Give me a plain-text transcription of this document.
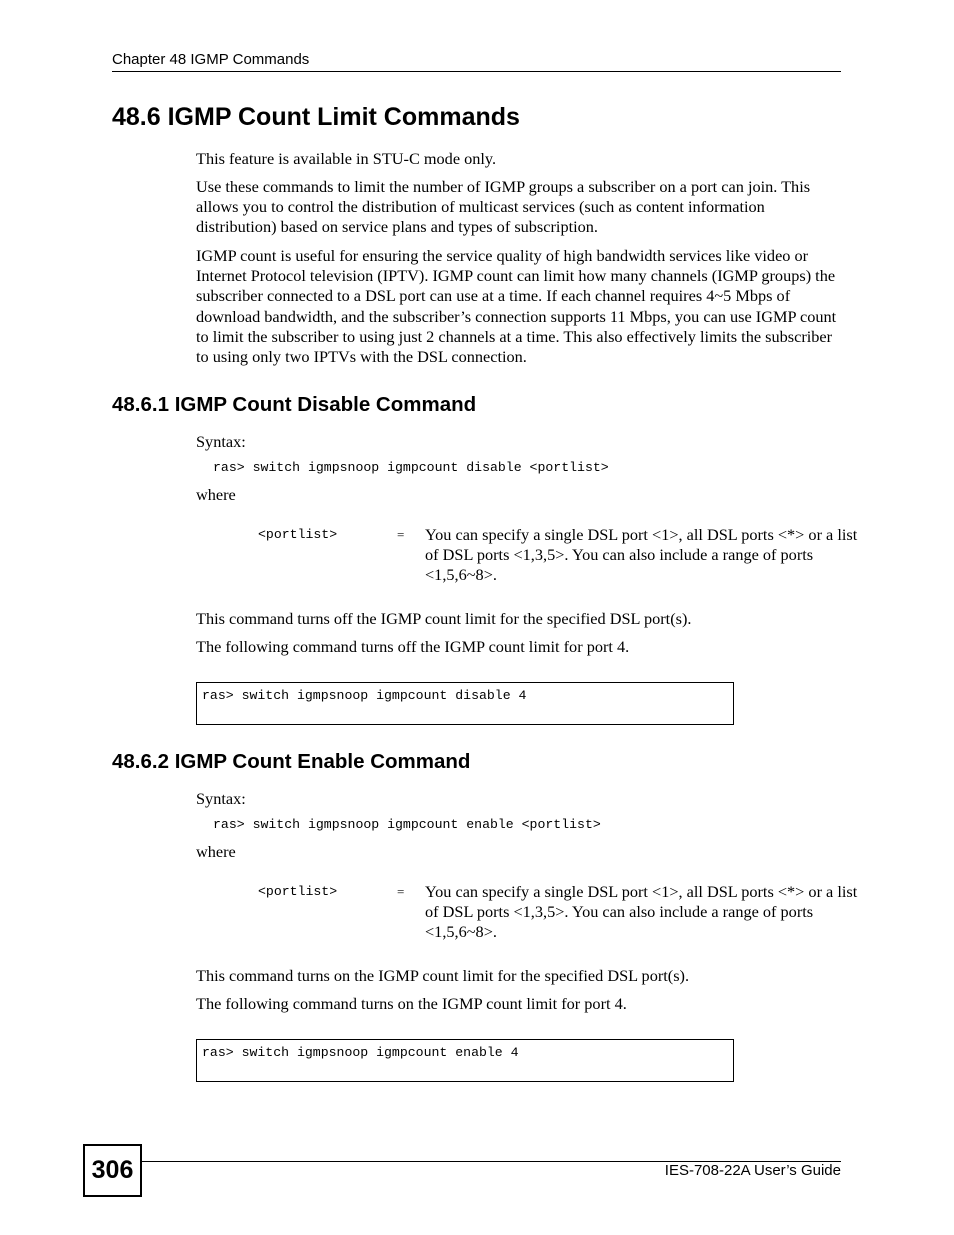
Chapter 48 IGMP Commands
48.6 IGMP Count Limit Commands

This feature is available in STU-C mode only.

Use these commands to limit the number of IGMP groups a subscriber on a port can join. This allows you to control the distribution of multicast services (such as content information distribution) based on service plans and types of subscription.

IGMP count is useful for ensuring the service quality of high bandwidth services like video or Internet Protocol television (IPTV). IGMP count can limit how many channels (IGMP groups) the subscriber connected to a DSL port can use at a time. If each channel requires 4~5 Mbps of download bandwidth, and the subscriber’s connection supports 11 Mbps, you can use IGMP count to limit the subscriber to using just 2 channels at a time. This also effectively limits the subscriber to using only two IPTVs with the DSL connection.

48.6.1 IGMP Count Disable Command
Syntax:
ras> switch igmpsnoop igmpcount disable <portlist>
where
<portlist>	= You can specify a single DSL port <1>, all DSL ports <*> or a list of DSL ports <1,3,5>. You can also include a range of ports <1,5,6~8>.

This command turns off the IGMP count limit for the specified DSL port(s).

The following command turns off the IGMP count limit for port 4.

ras> switch igmpsnoop igmpcount disable 4
48.6.2 IGMP Count Enable Command
Syntax:
ras> switch igmpsnoop igmpcount enable <portlist>
where
<portlist>	= You can specify a single DSL port <1>, all DSL ports <*> or a list of DSL ports <1,3,5>. You can also include a range of ports <1,5,6~8>.

This command turns on the IGMP count limit for the specified DSL port(s).

The following command turns on the IGMP count limit for port 4.

ras> switch igmpsnoop igmpcount enable 4
306	IES-708-22A User’s Guide
